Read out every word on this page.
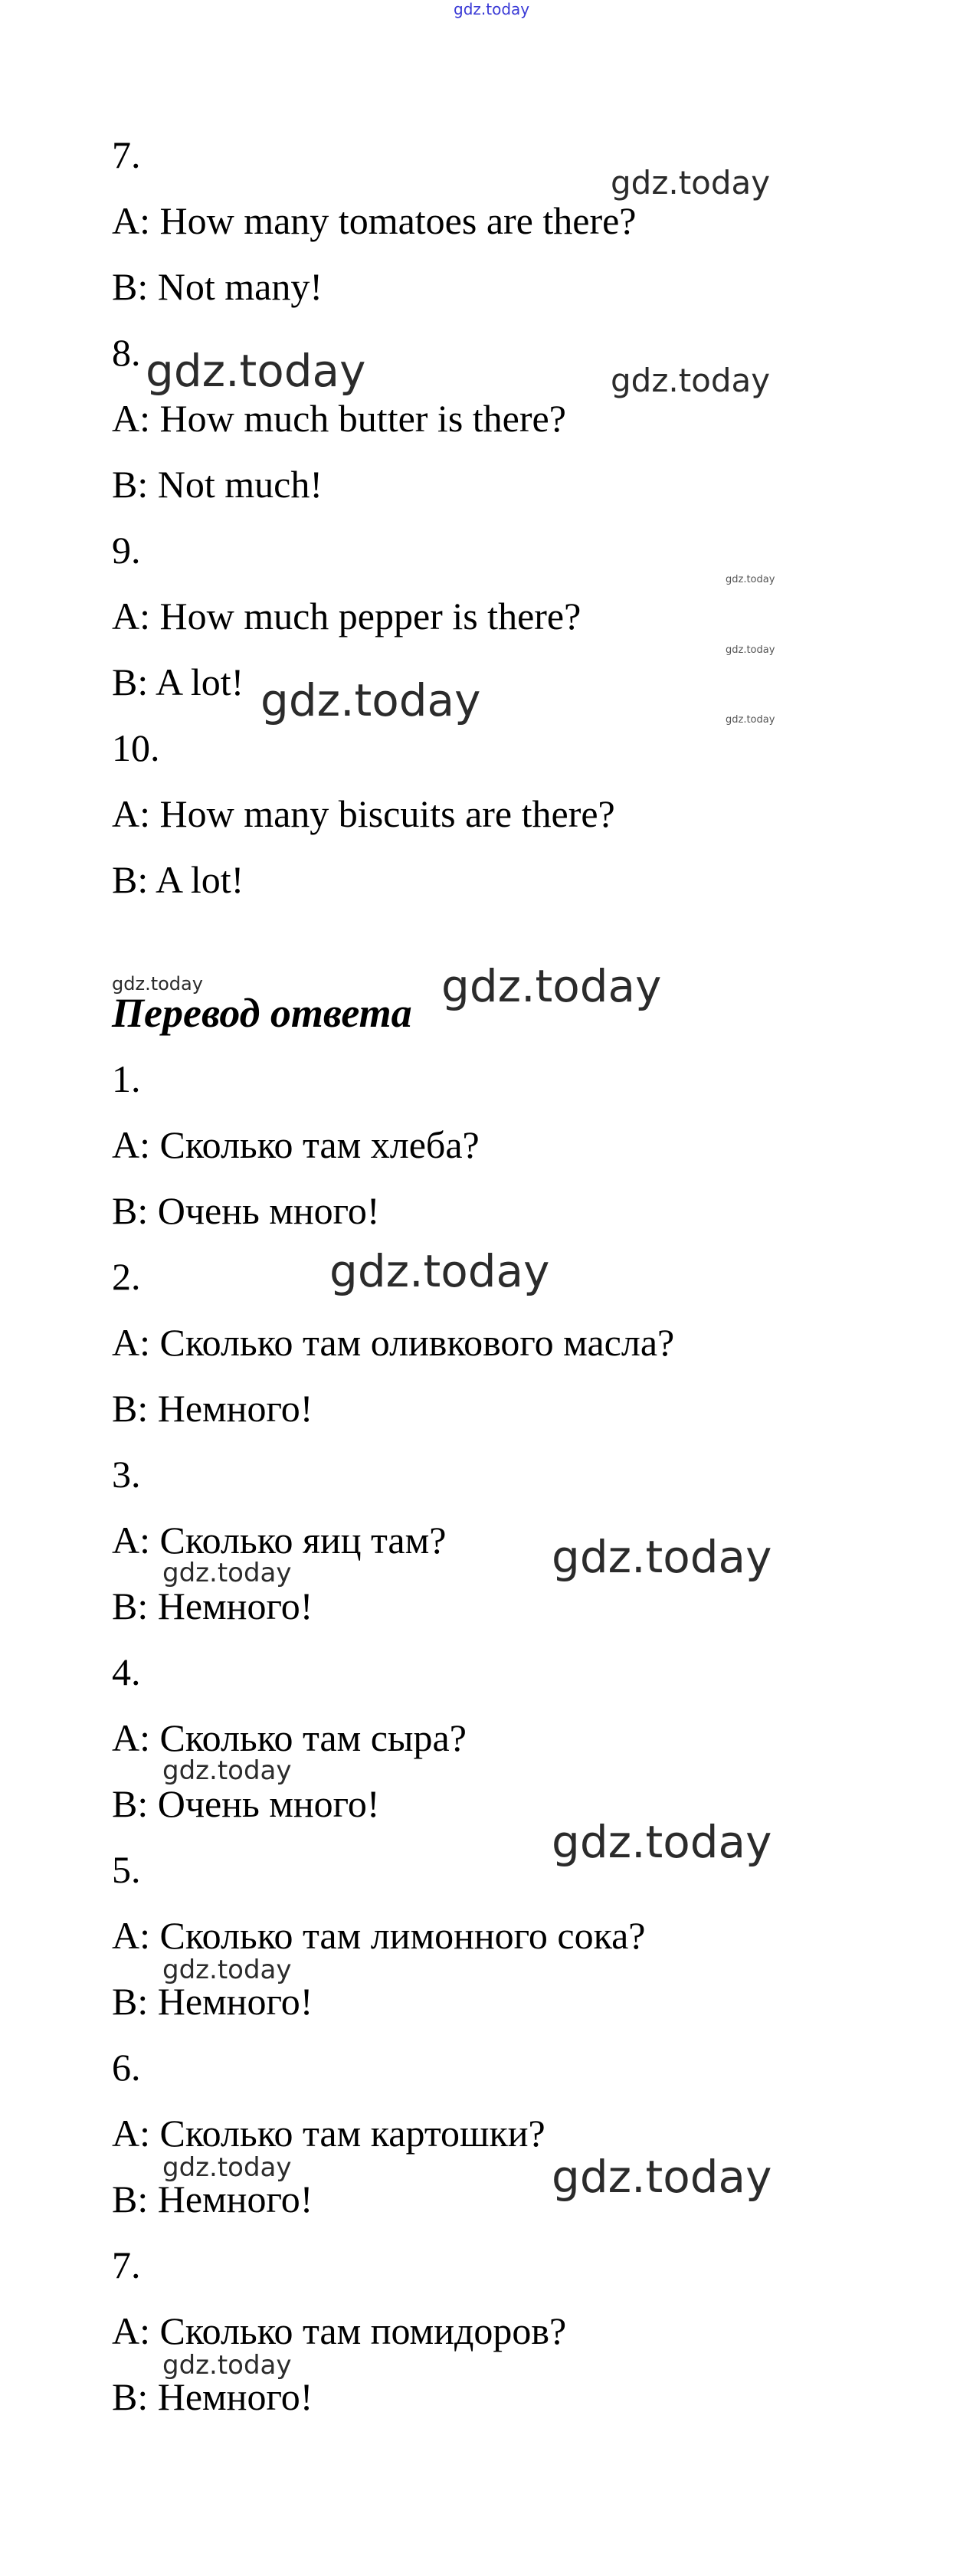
gdz.today
7.
A: How many tomatoes are there?
B: Not many!
8.
A: How much butter is there?
B: Not much!
9.
A: How much pepper is there?
B: A lot!
10.
A: How many biscuits are there?
B: A lot!
Перевод ответа
1.
A: Сколько там хлеба?
B: Очень много!
2.
A: Сколько там оливкового масла?
B: Немного!
3.
A: Сколько яиц там?
B: Немного!
4.
A: Сколько там сыра?
B: Очень много!
5.
A: Сколько там лимонного сока?
B: Немного!
6.
A: Сколько там картошки?
B: Немного!
7.
A: Сколько там помидоров?
B: Немного!
gdz.today
gdz.today	gdz.today
gdz.today
gdz.today
gdz.today	gdz.today
gdz.today	gdz.today
gdz.today
gdz.today
gdz.today
gdz.today
gdz.today
gdz.today
gdz.today	gdz.today
gdz.today
